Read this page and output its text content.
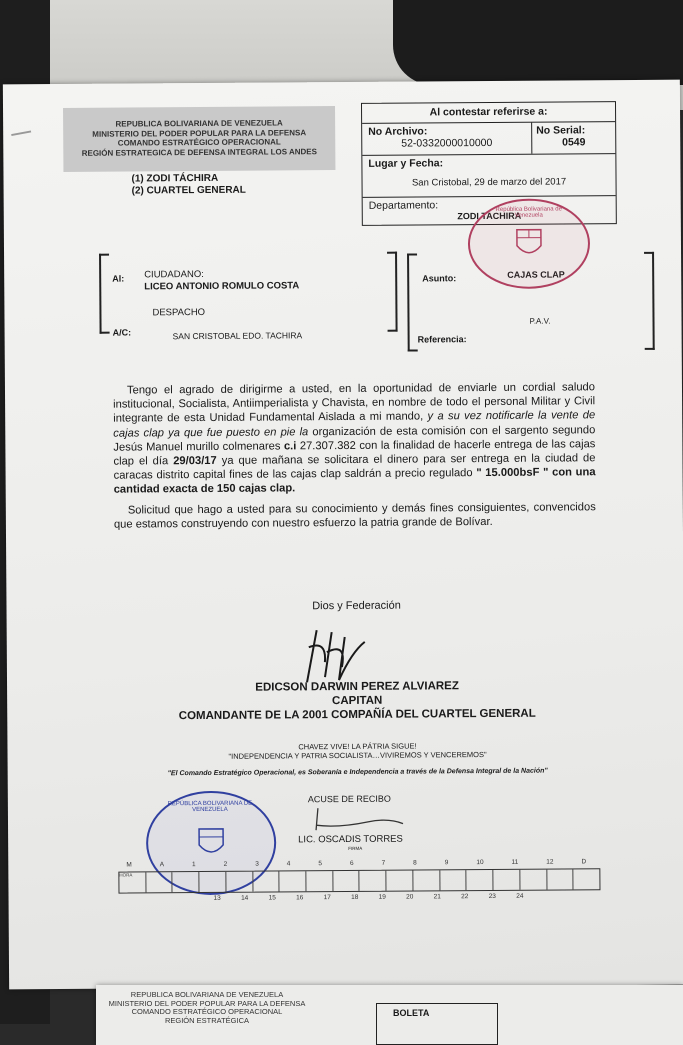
REPUBLICA BOLIVARIANA DE VENEZUELA
MINISTERIO DEL PODER POPULAR PARA LA DEFENSA
COMANDO ESTRATÉGICO OPERACIONAL
REGIÓN ESTRATEGICA DE DEFENSA INTEGRAL LOS ANDES
(1) ZODI TÁCHIRA
(2) CUARTEL GENERAL
Al contestar referirse a:
No Archivo:
52-0332000010000
No Serial:
0549
Lugar y Fecha:
San Cristobal, 29 de marzo del 2017
Departamento:
ZODI TACHIRA
Al: CIUDADANO:
LICEO ANTONIO ROMULO COSTA
DESPACHO
A/C:	SAN CRISTOBAL EDO. TACHIRA
Asunto:	CAJAS CLAP
P.A.V.
Referencia:
República Bolivariana de Venezuela

Tengo el agrado de dirigirme a usted, en la oportunidad de enviarle un cordial saludo institucional, Socialista, Antiimperialista y Chavista, en nombre de todo el personal Militar y Civil integrante de esta Unidad Fundamental Aislada a mi mando, y a su vez notificarle la vente de cajas clap ya que fue puesto en pie la organización de esta comisión con el sargento segundo Jesús Manuel murillo colmenares c.i 27.307.382 con la finalidad de hacerle entrega de las cajas clap el día 29/03/17 ya que mañana se solicitara el dinero para ser entrega en la ciudad de caracas distrito capital fines de las cajas clap saldrán a precio regulado " 15.000bsF " con una cantidad exacta de 150 cajas clap.

Solicitud que hago a usted para su conocimiento y demás fines consiguientes, convencidos que estamos construyendo con nuestro esfuerzo la patria grande de Bolívar.

Dios y Federación
EDICSON DARWIN PEREZ ALVIAREZ
CAPITAN
COMANDANTE DE LA 2001 COMPAÑÍA DEL CUARTEL GENERAL
CHAVEZ VIVE! LA PÁTRIA SIGUE!
"INDEPENDENCIA Y PATRIA SOCIALISTA…VIVIREMOS Y VENCEREMOS"
"El Comando Estratégico Operacional, es Soberanía e Independencia a través de la Defensa Integral de la Nación"
ACUSE DE RECIBO
LIC. OSCADIS TORRES
FIRMA
REPÚBLICA BOLIVARIANA DE VENEZUELA
M	A	1	2	3	4	5	6	7	8	9	10	11	12	D
HORA
13	14	15	16	17	18	19	20	21	22	23	24
REPUBLICA BOLIVARIANA DE VENEZUELA
MINISTERIO DEL PODER POPULAR PARA LA DEFENSA
COMANDO ESTRATÉGICO OPERACIONAL
REGIÓN ESTRATÉGICA
BOLETA
